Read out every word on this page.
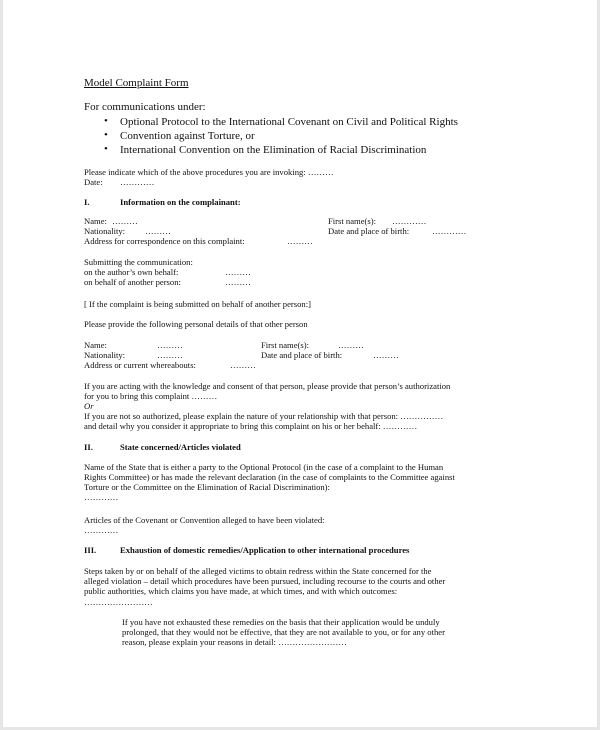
Model Complaint Form
For communications under:
• Optional Protocol to the International Covenant on Civil and Political Rights
• Convention against Torture, or
• International Convention on the Elimination of Racial Discrimination
Please indicate which of the above procedures you are invoking: ………
Date: …………
I.	Information on the complainant:
Name: ………	First name(s): …………
Nationality: ………	Date and place of birth:	…………
Address for correspondence on this complaint:	………
Submitting the communication:
on the author’s own behalf:	………
on behalf of another person:	………
[ If the complaint is being submitted on behalf of another person:]
Please provide the following personal details of that other person
Name:	………	First name(s):	………
Nationality:	………	Date and place of birth:	………
Address or current whereabouts:	………
If you are acting with the knowledge and consent of that person, please provide that person’s authorization
for you to bring this complaint ………
Or
If you are not so authorized, please explain the nature of your relationship with that person: ……………
and detail why you consider it appropriate to bring this complaint on his or her behalf: …………
II.	State concerned/Articles violated
Name of the State that is either a party to the Optional Protocol (in the case of a complaint to the Human
Rights Committee) or has made the relevant declaration (in the case of complaints to the Committee against
Torture or the Committee on the Elimination of Racial Discrimination):
…………
Articles of the Covenant or Convention alleged to have been violated:
…………
III.	Exhaustion of domestic remedies/Application to other international procedures
Steps taken by or on behalf of the alleged victims to obtain redress within the State concerned for the
alleged violation – detail which procedures have been pursued, including recourse to the courts and other
public authorities, which claims you have made, at which times, and with which outcomes:
……………………
If you have not exhausted these remedies on the basis that their application would be unduly
prolonged, that they would not be effective, that they are not available to you, or for any other
reason, please explain your reasons in detail: ……………………
